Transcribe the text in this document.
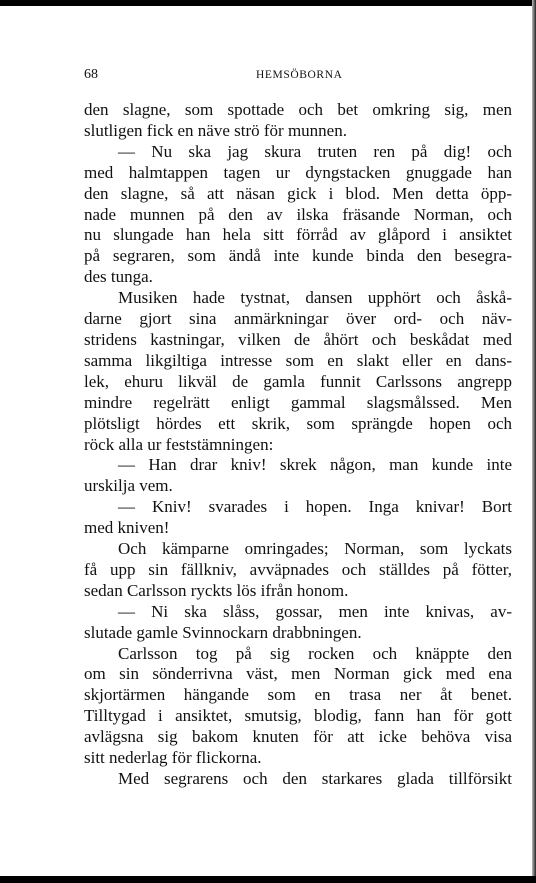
68	HEMSÖBORNA
den slagne, som spottade och bet omkring sig, men
slutligen fick en näve strö för munnen.
— Nu ska jag skura truten ren på dig! och
med halmtappen tagen ur dyngstacken gnuggade han
den slagne, så att näsan gick i blod. Men detta öpp-
nade munnen på den av ilska fräsande Norman, och
nu slungade han hela sitt förråd av glåpord i ansiktet
på segraren, som ändå inte kunde binda den besegra-
des tunga.
Musiken hade tystnat, dansen upphört och åskå-
darne gjort sina anmärkningar över ord- och näv-
stridens kastningar, vilken de åhört och beskådat med
samma likgiltiga intresse som en slakt eller en dans-
lek, ehuru likväl de gamla funnit Carlssons angrepp
mindre regelrätt enligt gammal slagsmålssed. Men
plötsligt hördes ett skrik, som sprängde hopen och
röck alla ur feststämningen:
— Han drar kniv! skrek någon, man kunde inte
urskilja vem.
— Kniv! svarades i hopen. Inga knivar! Bort
med kniven!
Och kämparne omringades; Norman, som lyckats
få upp sin fällkniv, avväpnades och ställdes på fötter,
sedan Carlsson ryckts lös ifrån honom.
— Ni ska slåss, gossar, men inte knivas, av-
slutade gamle Svinnockarn drabbningen.
Carlsson tog på sig rocken och knäppte den
om sin sönderrivna väst, men Norman gick med ena
skjortärmen hängande som en trasa ner åt benet.
Tilltygad i ansiktet, smutsig, blodig, fann han för gott
avlägsna sig bakom knuten för att icke behöva visa
sitt nederlag för flickorna.
Med segrarens och den starkares glada tillförsikt
